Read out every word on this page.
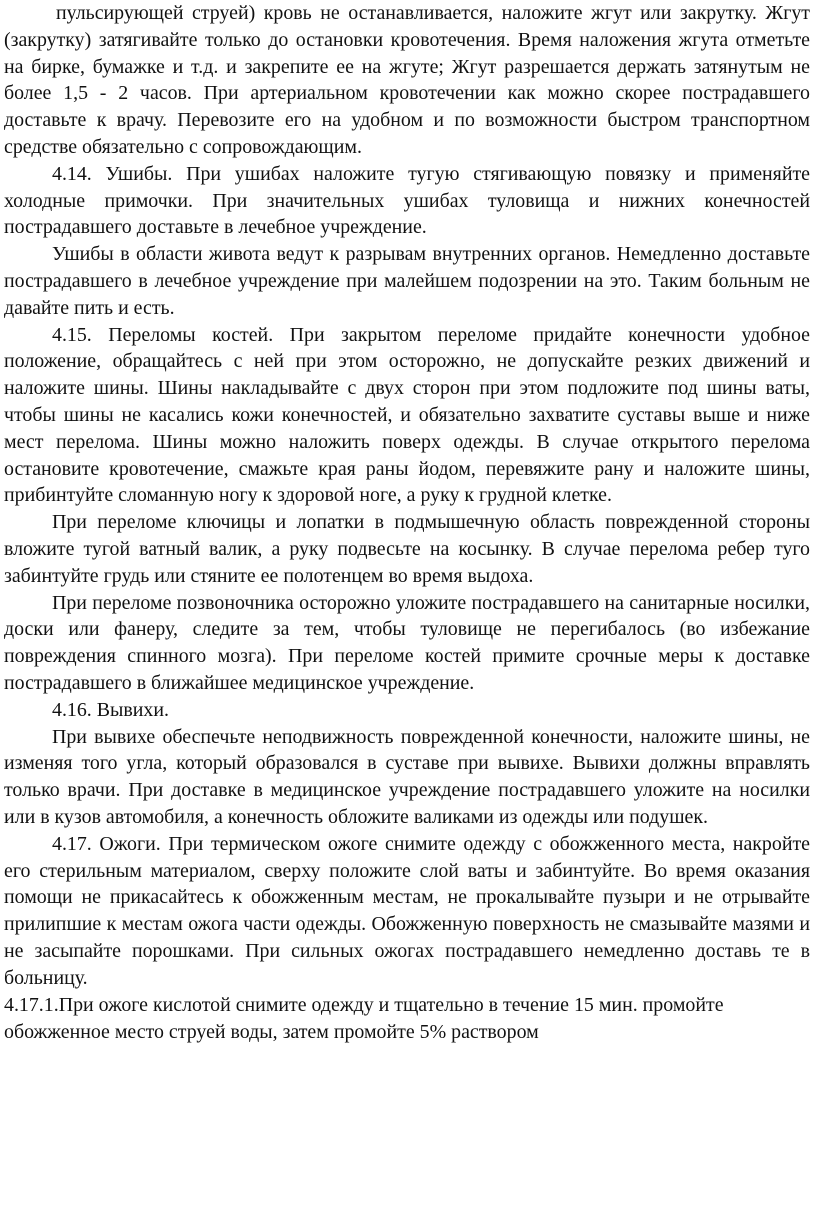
пульсирующей струей) кровь не останавливается, наложите жгут или закрутку. Жгут (закрутку) затягивайте только до остановки кровотечения. Время наложения жгута отметьте на бирке, бумажке и т.д. и закрепите ее на жгуте; Жгут разрешается держать затянутым не более 1,5 - 2 часов. При артериальном кровотечении как можно скорее пострадавшего доставьте к врачу. Перевозите его на удобном и по возможности быстром транспортном средстве обязательно с сопровождающим.

4.14. Ушибы. При ушибах наложите тугую стягивающую повязку и применяйте холодные примочки. При значительных ушибах туловища и нижних конечностей пострадавшего доставьте в лечебное учреждение.

Ушибы в области живота ведут к разрывам внутренних органов. Немедленно доставьте пострадавшего в лечебное учреждение при малейшем подозрении на это. Таким больным не давайте пить и есть.

4.15. Переломы костей. При закрытом переломе придайте конечности удобное положение, обращайтесь с ней при этом осторожно, не допускайте резких движений и наложите шины. Шины накладывайте с двух сторон при этом подложите под шины ваты, чтобы шины не касались кожи конечностей, и обязательно захватите суставы выше и ниже мест перелома. Шины можно наложить поверх одежды. В случае открытого перелома остановите кровотечение, смажьте края раны йодом, перевяжите рану и наложите шины, прибинтуйте сломанную ногу к здоровой ноге, а руку к грудной клетке.

При переломе ключицы и лопатки в подмышечную область поврежденной стороны вложите тугой ватный валик, а руку подвесьте на косынку. В случае перелома ребер туго забинтуйте грудь или стяните ее полотенцем во время выдоха.

При переломе позвоночника осторожно уложите пострадавшего на санитарные носилки, доски или фанеру, следите за тем, чтобы туловище не перегибалось (во избежание повреждения спинного мозга). При переломе костей примите срочные меры к доставке пострадавшего в ближайшее медицинское учреждение.

4.16. Вывихи.

При вывихе обеспечьте неподвижность поврежденной конечности, наложите шины, не изменяя того угла, который образовался в суставе при вывихе. Вывихи должны вправлять только врачи. При доставке в медицинское учреждение пострадавшего уложите на носилки или в кузов автомобиля, а конечность обложите валиками из одежды или подушек.

4.17. Ожоги. При термическом ожоге снимите одежду с обожженного места, накройте его стерильным материалом, сверху положите слой ваты и забинтуйте. Во время оказания помощи не прикасайтесь к обожженным местам, не прокалывайте пузыри и не отрывайте прилипшие к местам ожога части одежды. Обожженную поверхность не смазывайте мазями и не засыпайте порошками. При сильных ожогах пострадавшего немедленно доставь те в больницу.

4.17.1.При ожоге кислотой снимите одежду и тщательно в течение 15 мин. промойте обожженное место струей воды, затем промойте 5% раствором
